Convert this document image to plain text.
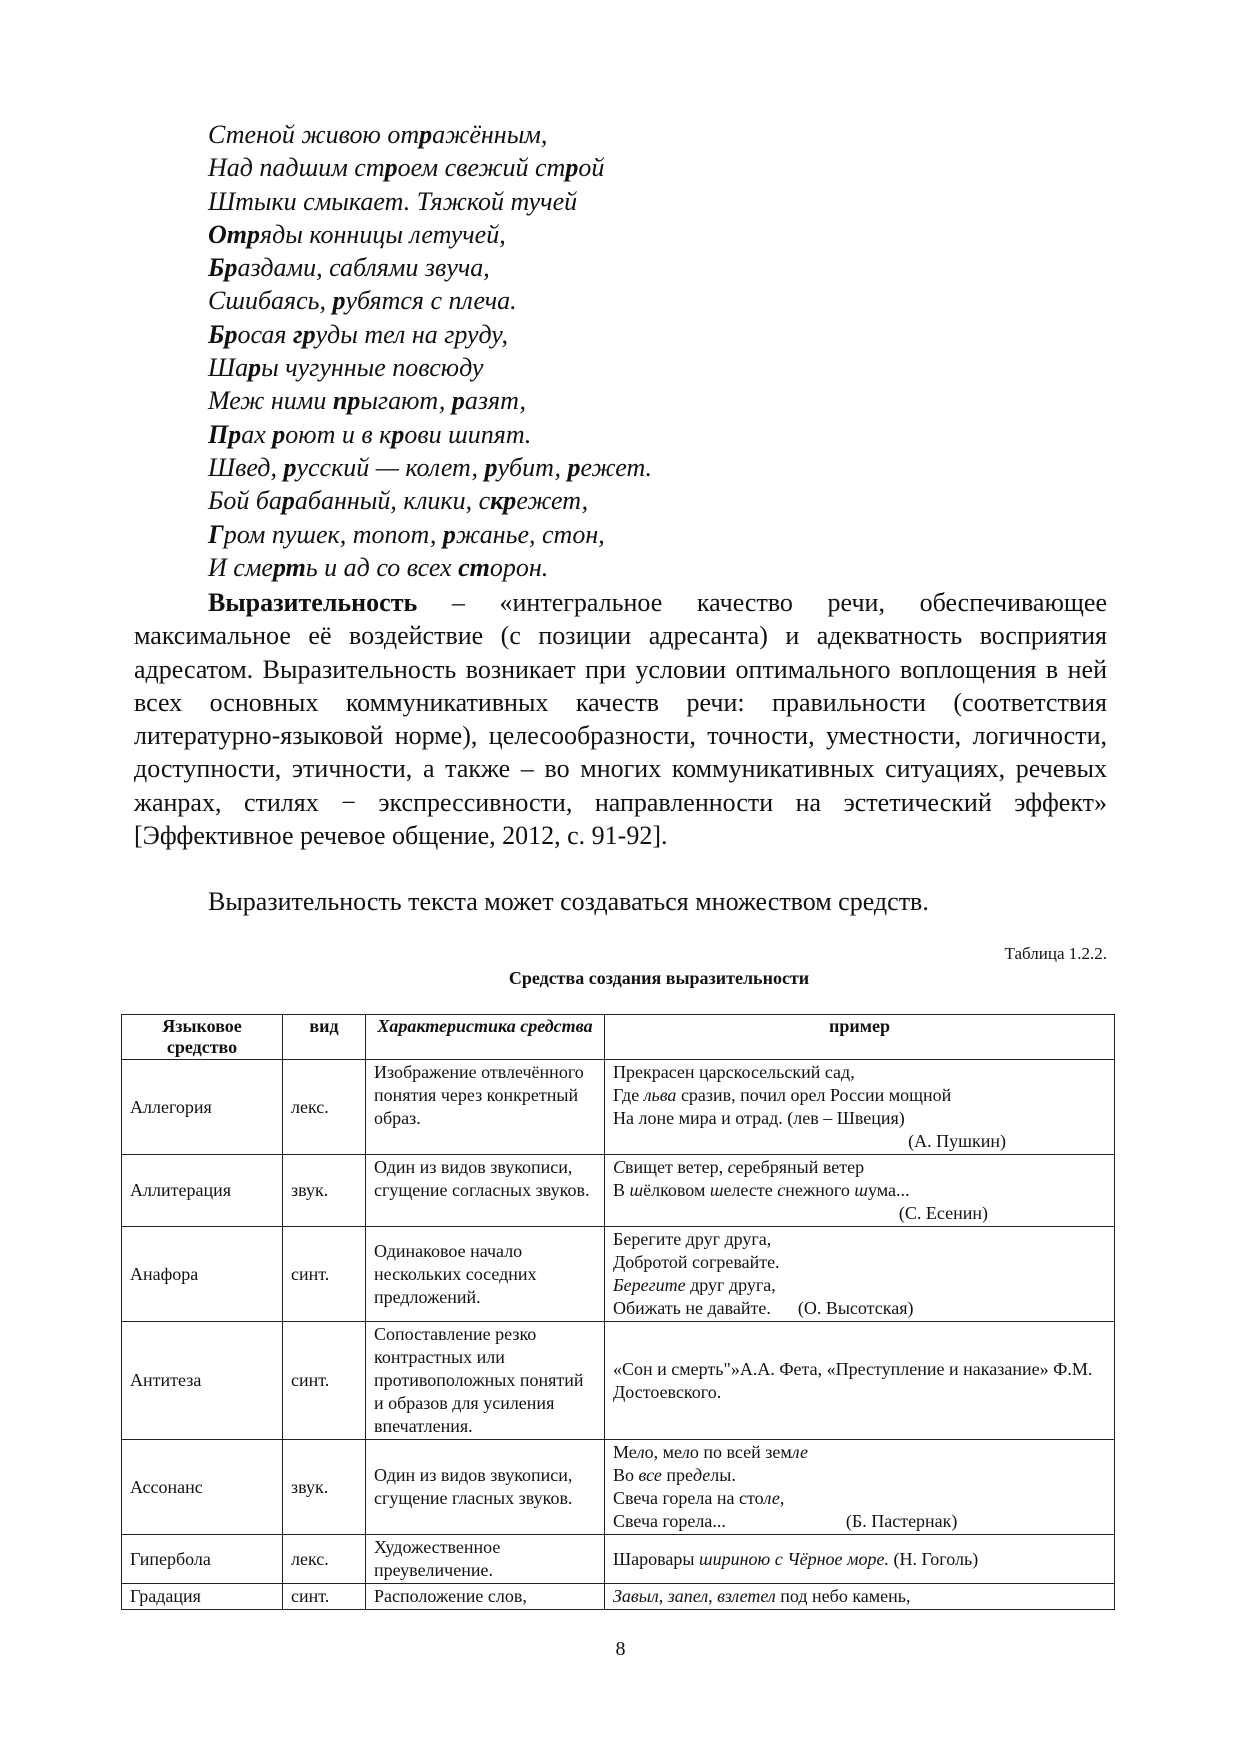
Стеной живою отражённым,
Над падшим строем свежий строй
Штыки смыкает. Тяжкой тучей
Отряды конницы летучей,
Браздами, саблями звуча,
Сшибаясь, рубятся с плеча.
Бросая груды тел на груду,
Шары чугунные повсюду
Меж ними прыгают, разят,
Прах роют и в крови шипят.
Швед, русский — колет, рубит, режет.
Бой барабанный, клики, скрежет,
Гром пушек, топот, ржанье, стон,
И смерть и ад со всех сторон.
Выразительность – «интегральное качество речи, обеспечивающее максимальное её воздействие (с позиции адресанта) и адекватность восприятия адресатом. Выразительность возникает при условии оптимального воплощения в ней всех основных коммуникативных качеств речи: правильности (соответствия литературно-языковой норме), целесообразности, точности, уместности, логичности, доступности, этичности, а также – во многих коммуникативных ситуациях, речевых жанрах, стилях − экспрессивности, направленности на эстетический эффект» [Эффективное речевое общение, 2012, с. 91-92].
Выразительность текста может создаваться множеством средств.
Таблица 1.2.2.
Средства создания выразительности
Языковое средство	вид	Характеристика средства	пример
Аллегория	лекс.	Изображение отвлечённого понятия через конкретный образ.	Прекрасен царскосельский сад,
Где льва сразив, почил орел России мощной
На лоне мира и отрад. (лев – Швеция)
(А. Пушкин)

Аллитерация	звук.	Один из видов звукописи, сгущение согласных звуков.	Свищет ветер, серебряный ветер
В шёлковом шелесте снежного шума...
(С. Есенин)

Анафора	синт.	Одинаковое начало нескольких соседних предложений.	Берегите друг друга,
Добротой согревайте.
Берегите друг друга,
Обижать не давайте.      (О. Высотская)

Антитеза	синт.	Сопоставление резко контрастных или противоположных понятий и образов для усиления впечатления.	«Сон и смерть"»А.А. Фета, «Преступление и наказание» Ф.М. Достоевского.

Ассонанс	звук.	Один из видов звукописи, сгущение гласных звуков.	Мело, мело по всей земле
Во все пределы.
Свеча горела на столе,
Свеча горела... (Б. Пастернак)

Гипербола	лекс.	Художественное преувеличение.	Шаровары шириною с Чёрное море. (Н. Гоголь)

Градация	синт.	Расположение слов,	Завыл, запел, взлетел под небо камень,
8
